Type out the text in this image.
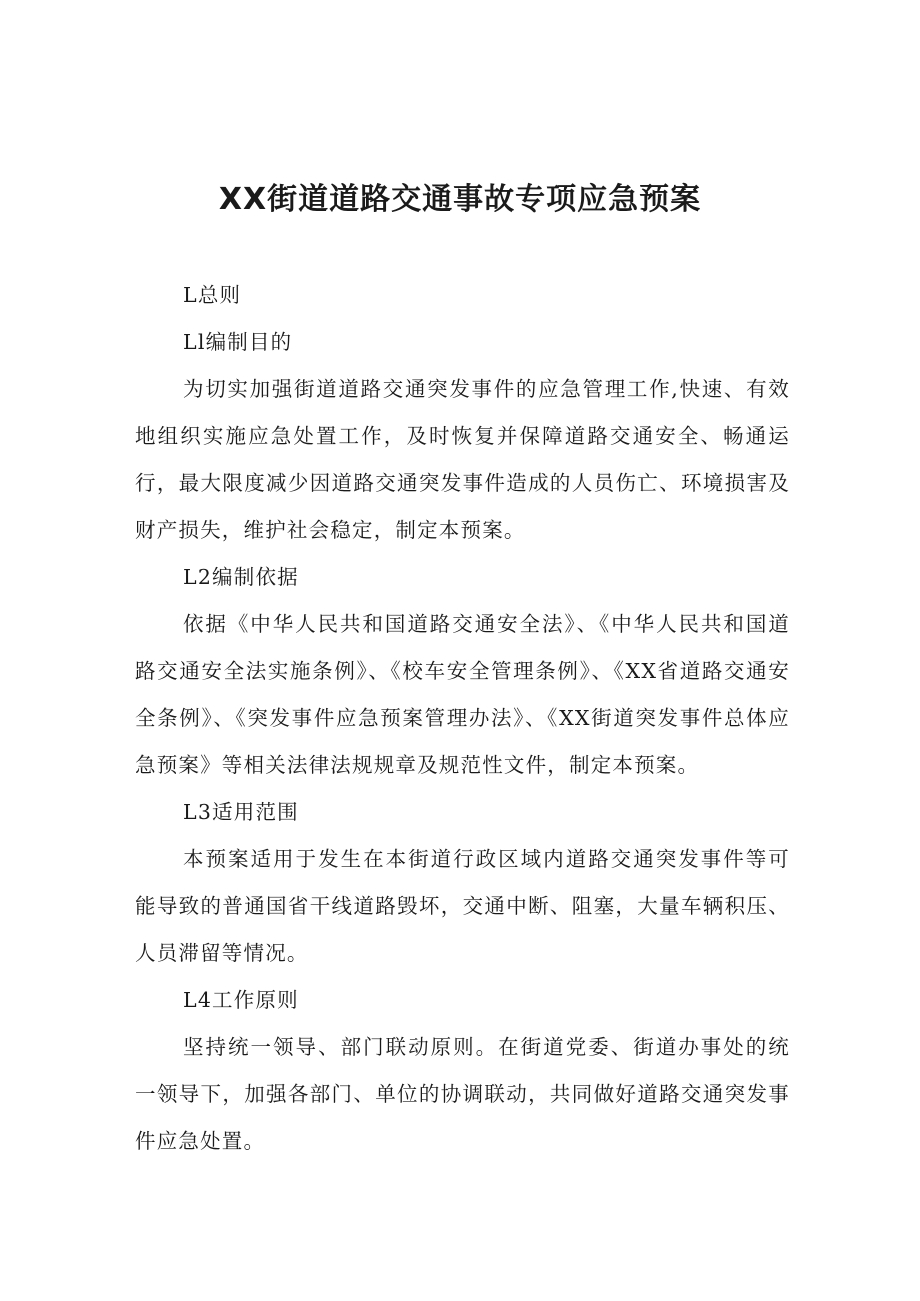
XX街道道路交通事故专项应急预案

L总则

Ll编制目的

为切实加强街道道路交通突发事件的应急管理工作,快速、有效地组织实施应急处置工作，及时恢复并保障道路交通安全、畅通运行，最大限度减少因道路交通突发事件造成的人员伤亡、环境损害及财产损失，维护社会稳定，制定本预案。

L2编制依据

依据《中华人民共和国道路交通安全法》、《中华人民共和国道路交通安全法实施条例》、《校车安全管理条例》、《XX省道路交通安全条例》、《突发事件应急预案管理办法》、《XX街道突发事件总体应急预案》等相关法律法规规章及规范性文件，制定本预案。

L3适用范围

本预案适用于发生在本街道行政区域内道路交通突发事件等可能导致的普通国省干线道路毁坏，交通中断、阻塞，大量车辆积压、人员滞留等情况。

L4工作原则

坚持统一领导、部门联动原则。在街道党委、街道办事处的统一领导下，加强各部门、单位的协调联动，共同做好道路交通突发事件应急处置。
